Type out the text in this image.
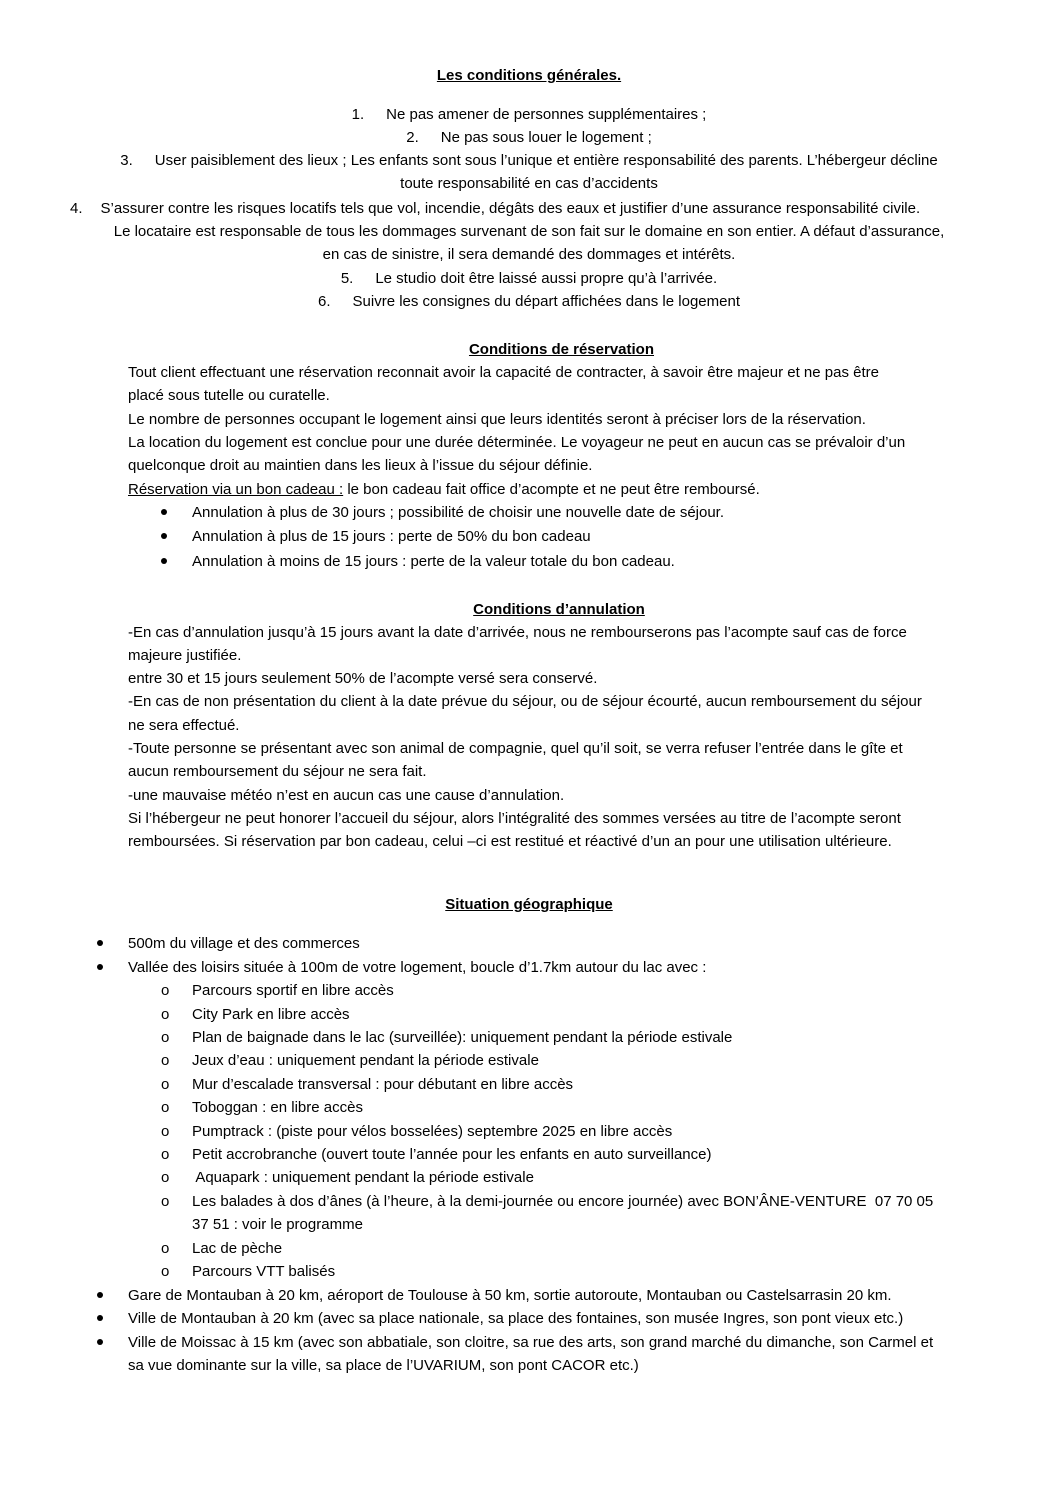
Les conditions générales.
1. Ne pas amener de personnes supplémentaires ;
2. Ne pas sous louer le logement ;
3. User paisiblement des lieux ; Les enfants sont sous l’unique et entière responsabilité des parents. L’hébergeur décline
toute responsabilité en cas d’accidents
4. S’assurer contre les risques locatifs tels que vol, incendie, dégâts des eaux et justifier d’une assurance responsabilité civile.
Le locataire est responsable de tous les dommages survenant de son fait sur le domaine en son entier. A défaut d’assurance,
en cas de sinistre, il sera demandé des dommages et intérêts.
5. Le studio doit être laissé aussi propre qu’à l’arrivée.
6. Suivre les consignes du départ affichées dans le logement
Conditions de réservation
Tout client effectuant une réservation reconnait avoir la capacité de contracter, à savoir être majeur et ne pas être
placé sous tutelle ou curatelle.
Le nombre de personnes occupant le logement ainsi que leurs identités seront à préciser lors de la réservation.
La location du logement est conclue pour une durée déterminée. Le voyageur ne peut en aucun cas se prévaloir d’un
quelconque droit au maintien dans les lieux à l’issue du séjour définie.
Réservation via un bon cadeau : le bon cadeau fait office d’acompte et ne peut être remboursé.
Annulation à plus de 30 jours ; possibilité de choisir une nouvelle date de séjour.
Annulation à plus de 15 jours : perte de 50% du bon cadeau
Annulation à moins de 15 jours : perte de la valeur totale du bon cadeau.
Conditions d’annulation
-En cas d’annulation jusqu’à 15 jours avant la date d’arrivée, nous ne rembourserons pas l’acompte sauf cas de force
majeure justifiée.
entre 30 et 15 jours seulement 50% de l’acompte versé sera conservé.
-En cas de non présentation du client à la date prévue du séjour, ou de séjour écourté, aucun remboursement du séjour
ne sera effectué.
-Toute personne se présentant avec son animal de compagnie, quel qu’il soit, se verra refuser l’entrée dans le gîte et
aucun remboursement du séjour ne sera fait.
-une mauvaise météo n’est en aucun cas une cause d’annulation.
Si l’hébergeur ne peut honorer l’accueil du séjour, alors l’intégralité des sommes versées au titre de l’acompte seront
remboursées. Si réservation par bon cadeau, celui –ci est restitué et réactivé d’un an pour une utilisation ultérieure.
Situation géographique
500m du village et des commerces
Vallée des loisirs située à 100m de votre logement, boucle d’1.7km autour du lac avec :
o Parcours sportif en libre accès
o City Park en libre accès
o Plan de baignade dans le lac (surveillée): uniquement pendant la période estivale
o Jeux d’eau : uniquement pendant la période estivale
o Mur d’escalade transversal : pour débutant en libre accès
o Toboggan : en libre accès
o Pumptrack : (piste pour vélos bosselées) septembre 2025 en libre accès
o Petit accrobranche (ouvert toute l’année pour les enfants en auto surveillance)
o Aquapark : uniquement pendant la période estivale
o Les balades à dos d’ânes (à l’heure, à la demi-journée ou encore journée) avec BON’ÂNE-VENTURE  07 70 05
37 51 : voir le programme
o Lac de pèche
o Parcours VTT balisés
Gare de Montauban à 20 km, aéroport de Toulouse à 50 km, sortie autoroute, Montauban ou Castelsarrasin 20 km.
Ville de Montauban à 20 km (avec sa place nationale, sa place des fontaines, son musée Ingres, son pont vieux etc.)
Ville de Moissac à 15 km (avec son abbatiale, son cloitre, sa rue des arts, son grand marché du dimanche, son Carmel et
sa vue dominante sur la ville, sa place de l’UVARIUM, son pont CACOR etc.)
